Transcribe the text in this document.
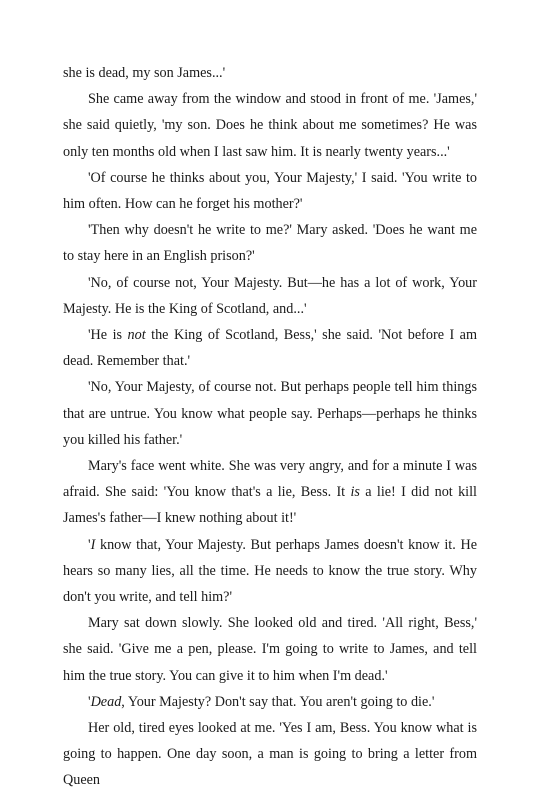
she is dead, my son James...'

She came away from the window and stood in front of me. 'James,' she said quietly, 'my son. Does he think about me sometimes? He was only ten months old when I last saw him. It is nearly twenty years...'

'Of course he thinks about you, Your Majesty,' I said. 'You write to him often. How can he forget his mother?'

'Then why doesn't he write to me?' Mary asked. 'Does he want me to stay here in an English prison?'

'No, of course not, Your Majesty. But—he has a lot of work, Your Majesty. He is the King of Scotland, and...'

'He is not the King of Scotland, Bess,' she said. 'Not before I am dead. Remember that.'

'No, Your Majesty, of course not. But perhaps people tell him things that are untrue. You know what people say. Perhaps—perhaps he thinks you killed his father.'

Mary's face went white. She was very angry, and for a minute I was afraid. She said: 'You know that's a lie, Bess. It is a lie! I did not kill James's father—I knew nothing about it!'

'I know that, Your Majesty. But perhaps James doesn't know it. He hears so many lies, all the time. He needs to know the true story. Why don't you write, and tell him?'

Mary sat down slowly. She looked old and tired. 'All right, Bess,' she said. 'Give me a pen, please. I'm going to write to James, and tell him the true story. You can give it to him when I'm dead.'

'Dead, Your Majesty? Don't say that. You aren't going to die.'

Her old, tired eyes looked at me. 'Yes I am, Bess. You know what is going to happen. One day soon, a man is going to bring a letter from Queen
